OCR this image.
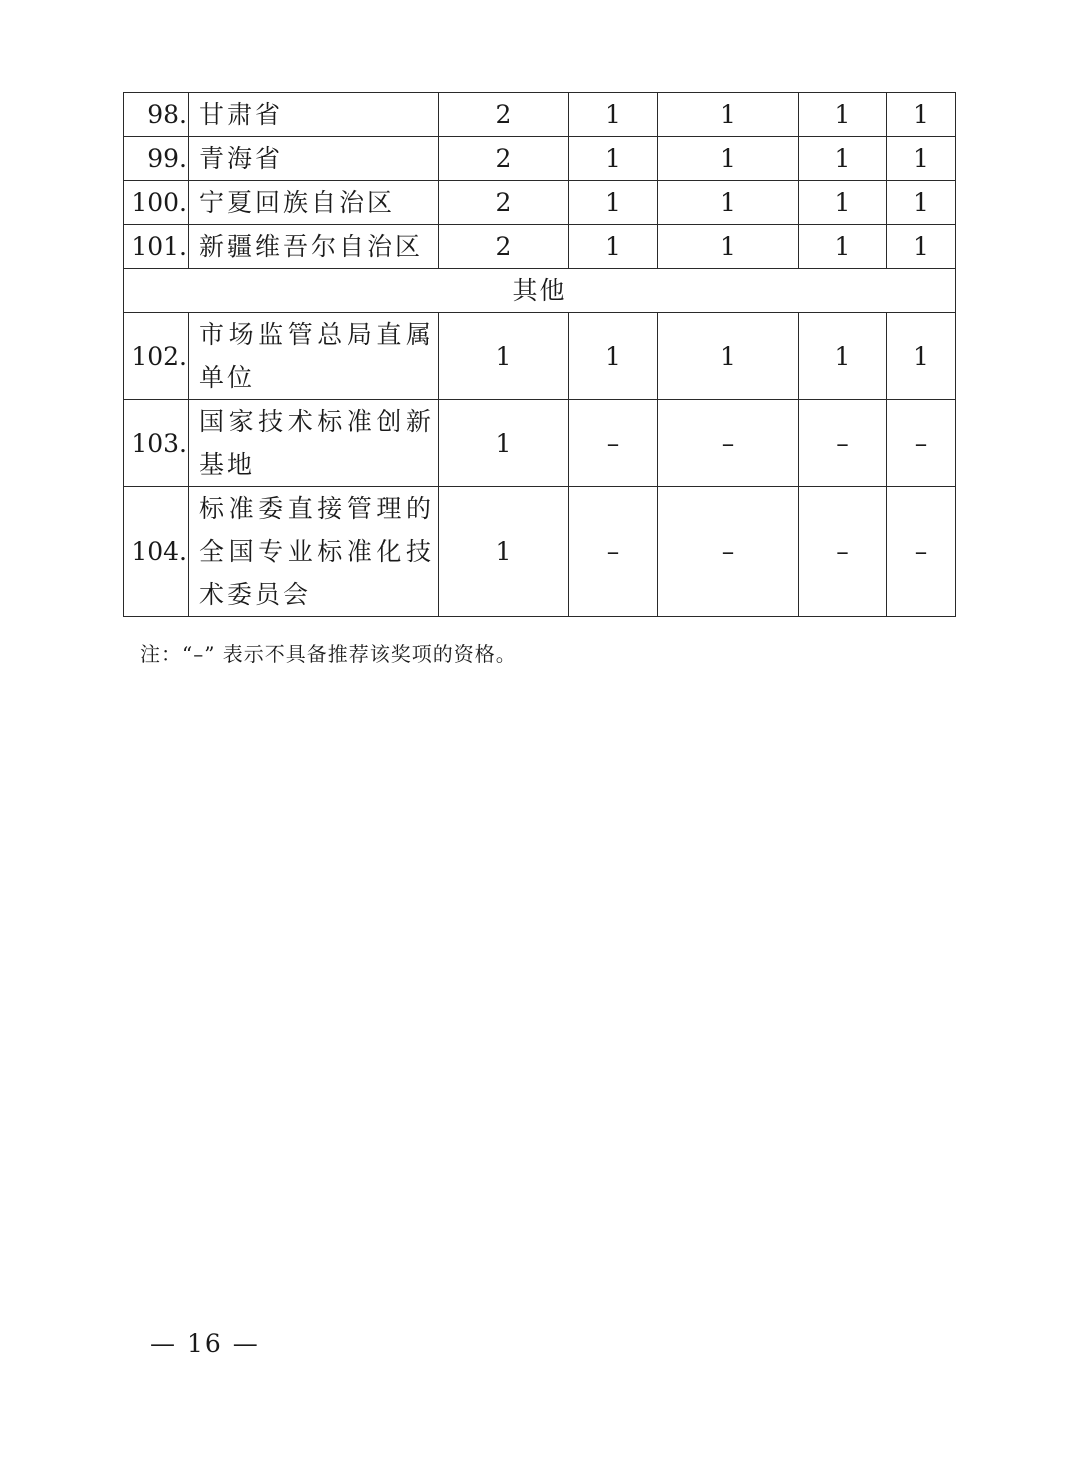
98.	甘肃省	2	1	1	1	1
99.	青海省	2	1	1	1	1
100.	宁夏回族自治区	2	1	1	1	1
101.	新疆维吾尔自治区	2	1	1	1	1
其他						
102.	市场监管总局直属单位	1	1	1	1	1
103.	国家技术标准创新基地	1	–	–	–	–
104.	标准委直接管理的全国专业标准化技术委员会	1	–	–	–	–
注：“–” 表示不具备推荐该奖项的资格。
— 16 —
